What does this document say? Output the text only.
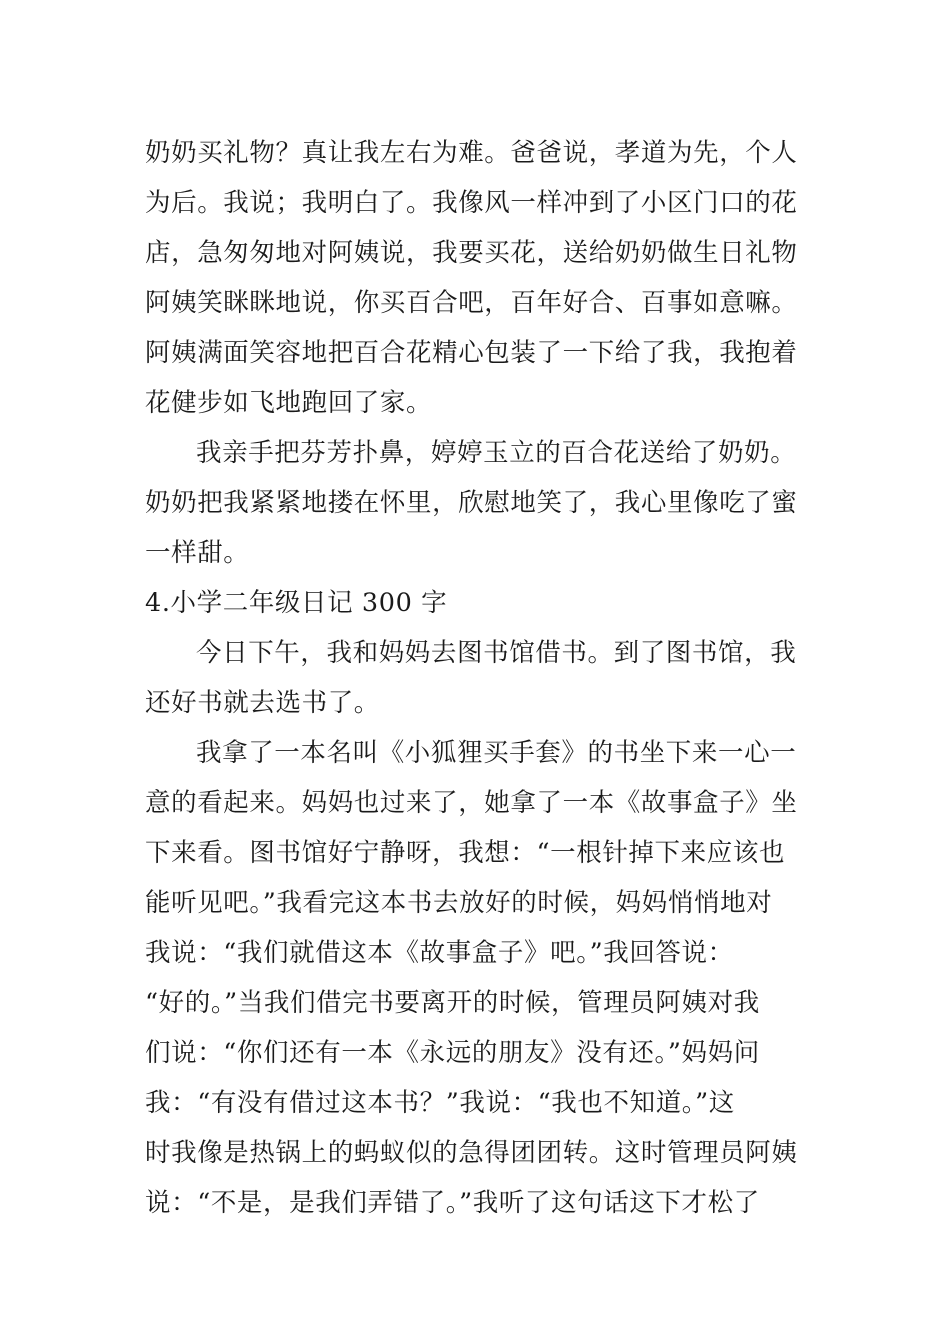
奶奶买礼物？真让我左右为难。爸爸说，孝道为先，个人
为后。我说；我明白了。我像风一样冲到了小区门口的花
店，急匆匆地对阿姨说，我要买花，送给奶奶做生日礼物
阿姨笑眯眯地说，你买百合吧，百年好合、百事如意嘛。
阿姨满面笑容地把百合花精心包装了一下给了我，我抱着
花健步如飞地跑回了家。
我亲手把芬芳扑鼻，婷婷玉立的百合花送给了奶奶。
奶奶把我紧紧地搂在怀里，欣慰地笑了，我心里像吃了蜜
一样甜。
4.小学二年级日记 300 字
今日下午，我和妈妈去图书馆借书。到了图书馆，我
还好书就去选书了。
我拿了一本名叫《小狐狸买手套》的书坐下来一心一
意的看起来。妈妈也过来了，她拿了一本《故事盒子》坐
下来看。图书馆好宁静呀，我想：“一根针掉下来应该也
能听见吧。”我看完这本书去放好的时候，妈妈悄悄地对
我说：“我们就借这本《故事盒子》吧。”我回答说：
“好的。”当我们借完书要离开的时候，管理员阿姨对我
们说：“你们还有一本《永远的朋友》没有还。”妈妈问
我：“有没有借过这本书？”我说：“我也不知道。”这
时我像是热锅上的蚂蚁似的急得团团转。这时管理员阿姨
说：“不是，是我们弄错了。”我听了这句话这下才松了
